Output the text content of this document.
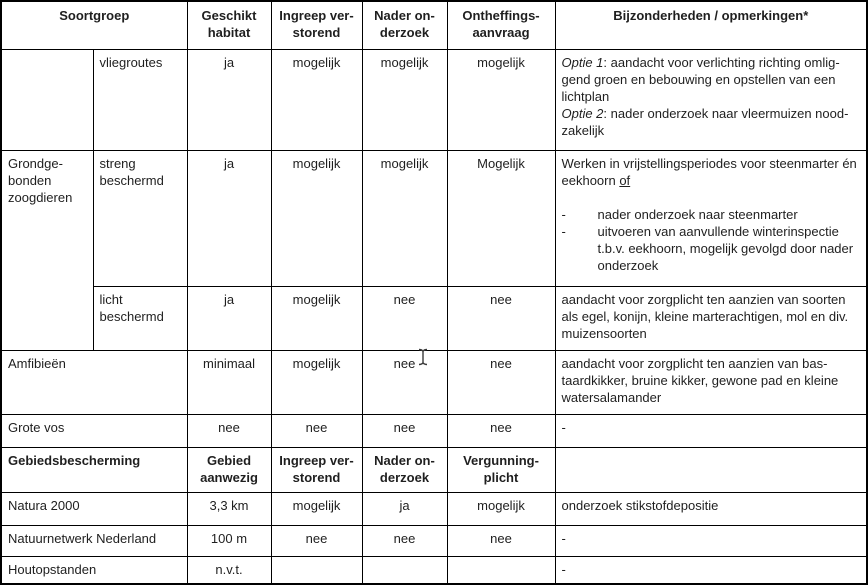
Soortgroep		Geschikt habitat	Ingreep ver-storend	Nader on-derzoek	Ontheffings-aanvraag	Bijzonderheden / opmerkingen*
	vliegroutes	ja	mogelijk	mogelijk	mogelijk	Optie 1: aandacht voor verlichting richting omlig-gend groen en bebouwing en opstellen van een lichtplan
Optie 2: nader onderzoek naar vleermuizen nood-zakelijk

Grondge-bonden zoogdieren	streng beschermd	ja	mogelijk	mogelijk	Mogelijk	Werken in vrijstellingsperiodes voor steenmarter én eekhoorn of
- nader onderzoek naar steenmarter
- uitvoeren van aanvullende winterinspectie t.b.v. eekhoorn, mogelijk gevolgd door nader onderzoek

	licht beschermd	ja	mogelijk	nee	nee	aandacht voor zorgplicht ten aanzien van soorten als egel, konijn, kleine marterachtigen, mol en div. muizensoorten
Amfibieën		minimaal	mogelijk	nee	nee	aandacht voor zorgplicht ten aanzien van bas-taardkikker, bruine kikker, gewone pad en kleine watersalamander
Grote vos		nee	nee	nee	nee	-
Gebiedsbescherming		Gebied aanwezig	Ingreep ver-storend	Nader on-derzoek	Vergunning-plicht	
Natura 2000		3,3 km	mogelijk	ja	mogelijk	onderzoek stikstofdepositie
Natuurnetwerk Nederland		100 m	nee	nee	nee	-
Houtopstanden		n.v.t.				-
